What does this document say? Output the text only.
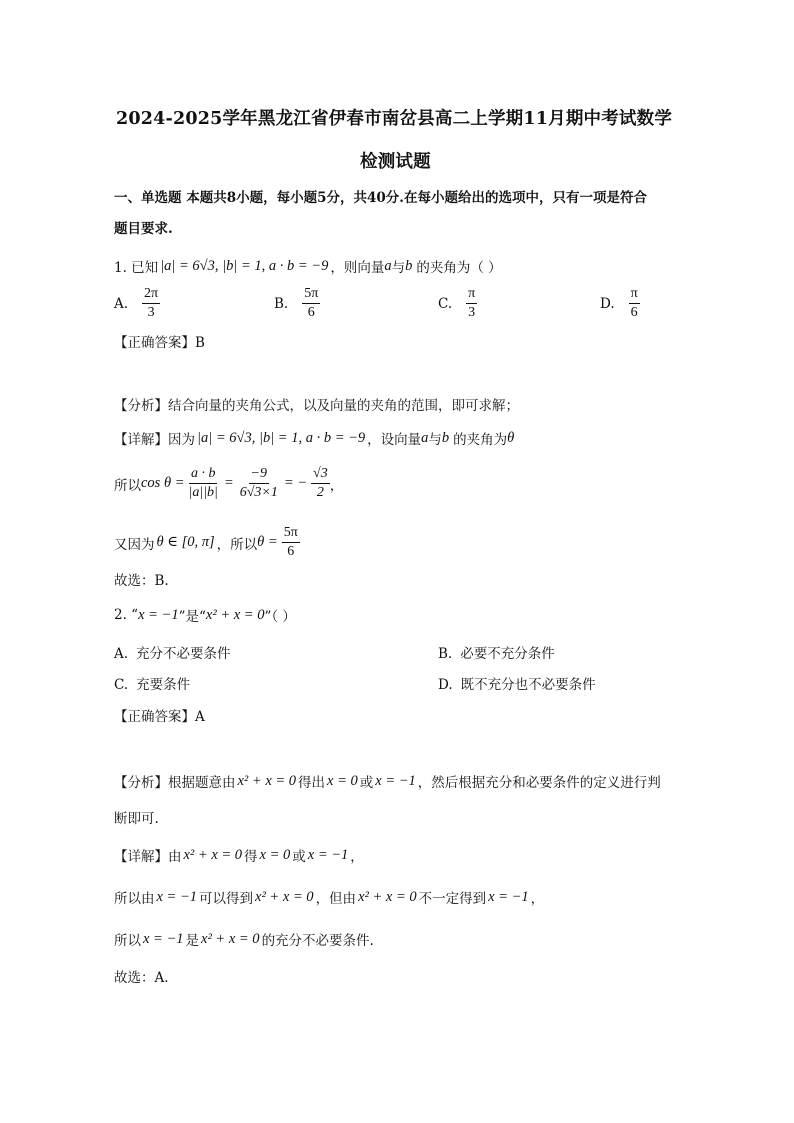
2024-2025学年黑龙江省伊春市南岔县高二上学期11月期中考试数学
检测试题
一、单选题 本题共8小题，每小题5分，共40分.在每小题给出的选项中，只有一项是符合
题目要求.
1. 已知 |a| = 6√3, |b| = 1, a · b = −9 ，则向量 a 与 b 的夹角为（ ）
A. $\frac{2\pi}{3}$	B. $\frac{5\pi}{6}$	C. $\frac{\pi}{3}$	D. $\frac{\pi}{6}$
【正确答案】B
【分析】结合向量的夹角公式，以及向量的夹角的范围，即可求解；
【详解】因为 |a| = 6√3, |b| = 1, a · b = −9 ，设向量 a 与 b 的夹角为 θ
所以 $\cos \theta = \frac{a \cdot b}{|a||b|} = \frac{-9}{6√3\times 1}$ = − $\frac{√3}{2}$ ，
又因为 θ ∈ [0, π] ，所以 $\theta = \frac{5\pi}{6}$
故选：B.
2. “ x = −1 ”是“ x² + x = 0 ”（ ）
A. 充分不必要条件	B. 必要不充分条件
C. 充要条件	D. 既不充分也不必要条件
【正确答案】A
【分析】根据题意由 x² + x = 0 得出 x = 0 或 x = −1 ，然后根据充分和必要条件的定义进行判
断即可.
【详解】由 x² + x = 0 得 x = 0 或 x = −1 ，
所以由 x = −1 可以得到 x² + x = 0 ，但由 x² + x = 0 不一定得到 x = −1 ，
所以 x = −1 是 x² + x = 0 的充分不必要条件.
故选：A.
